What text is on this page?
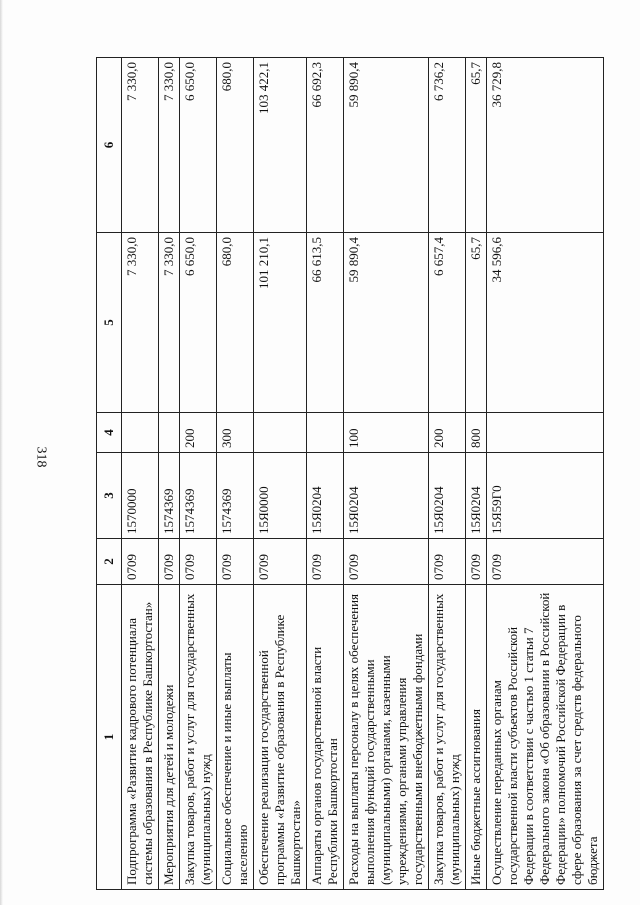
318
1	2	3	4	5	6
Подпрограмма «Развитие кадрового потенциала системы образования в Республике Башкортостан»	0709	1570000		7 330,0	7 330,0
Мероприятия для детей и молодежи	0709	1574369		7 330,0	7 330,0
Закупка товаров, работ и услуг для государственных (муниципальных) нужд	0709	1574369	200	6 650,0	6 650,0
Социальное обеспечение и иные выплаты населению	0709	1574369	300	680,0	680,0
Обеспечение реализации государственной программы «Развитие образования в Республике Башкортостан»	0709	15Я0000		101 210,1	103 422,1
Аппараты органов государственной власти Республики Башкортостан	0709	15Я0204		66 613,5	66 692,3
Расходы на выплаты персоналу в целях обеспечения выполнения функций государственными (муниципальными) органами, казенными учреждениями, органами управления государственными внебюджетными фондами	0709	15Я0204	100	59 890,4	59 890,4
Закупка товаров, работ и услуг для государственных (муниципальных) нужд	0709	15Я0204	200	6 657,4	6 736,2
Иные бюджетные ассигнования	0709	15Я0204	800	65,7	65,7
Осуществление переданных органам государственной власти субъектов Российской Федерации в соответствии с частью 1 статьи 7 Федерального закона «Об образовании в Российской Федерации» полномочий Российской Федерации в сфере образования за счет средств федерального бюджета	0709	15Я59Г0		34 596,6	36 729,8
